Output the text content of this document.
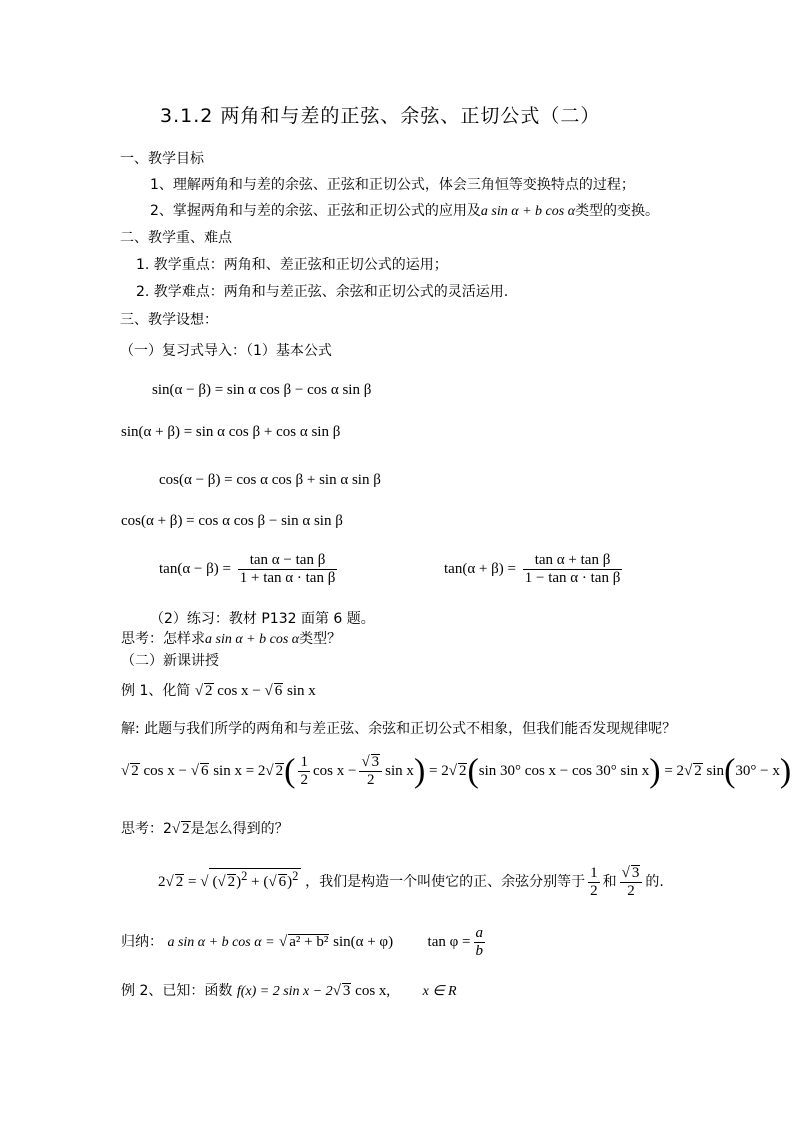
3.1.2 两角和与差的正弦、余弦、正切公式（二）
一、教学目标
1、理解两角和与差的余弦、正弦和正切公式，体会三角恒等变换特点的过程；
2、掌握两角和与差的余弦、正弦和正切公式的应用及a sin α + b cos α类型的变换。
二、教学重、难点
1. 教学重点：两角和、差正弦和正切公式的运用；
2. 教学难点：两角和与差正弦、余弦和正切公式的灵活运用.
三、教学设想：
（一）复习式导入：（1）基本公式
sin(α − β) = sin α cos β − cos α sin β
sin(α + β) = sin α cos β + cos α sin β
cos(α − β) = cos α cos β + sin α sin β
cos(α + β) = cos α cos β − sin α sin β
$\tan(\alpha - \beta) = \frac{\text{tan α − tan β}}{\text{1 + tan α · tan β}}$	$\tan(\alpha + \beta) = \frac{\text{tan α + tan β}}{\text{1 − tan α · tan β}}$
（2）练习：教材 P132 面第 6 题。
思考：怎样求a sin α + b cos α类型？
（二）新课讲授
例 1、化简 √ 2 cos x − √ 6 sin x
解: 此题与我们所学的两角和与差正弦、余弦和正切公式不相象，但我们能否发现规律呢？
√ 2 cos x − √ 6 sin x = 2√ $2( \frac{1}{2}$ $\cos x - \frac{√ 3}{2}$ sin x) = 2√ 2(sin 30° cos x − cos 30° sin x) = 2√ 2 sin(30° − x)
思考：2√ 2是怎么得到的？
2√ 2 = √ (√ 2)$^2$ + (√ 6)$^2$ ，我们是构造一个叫使它的正、余弦分别等于 $\frac{1}{2}$ 和 $\frac{√ 3}{2}$ 的.
归纳： a sin α + b cos α = √ a² + b² sin(α + φ) $\tan \varphi = \frac{a}{b}$
例 2、已知：函数 f(x) = 2 sin x − 2√ 3 cos x, x ∈ R
